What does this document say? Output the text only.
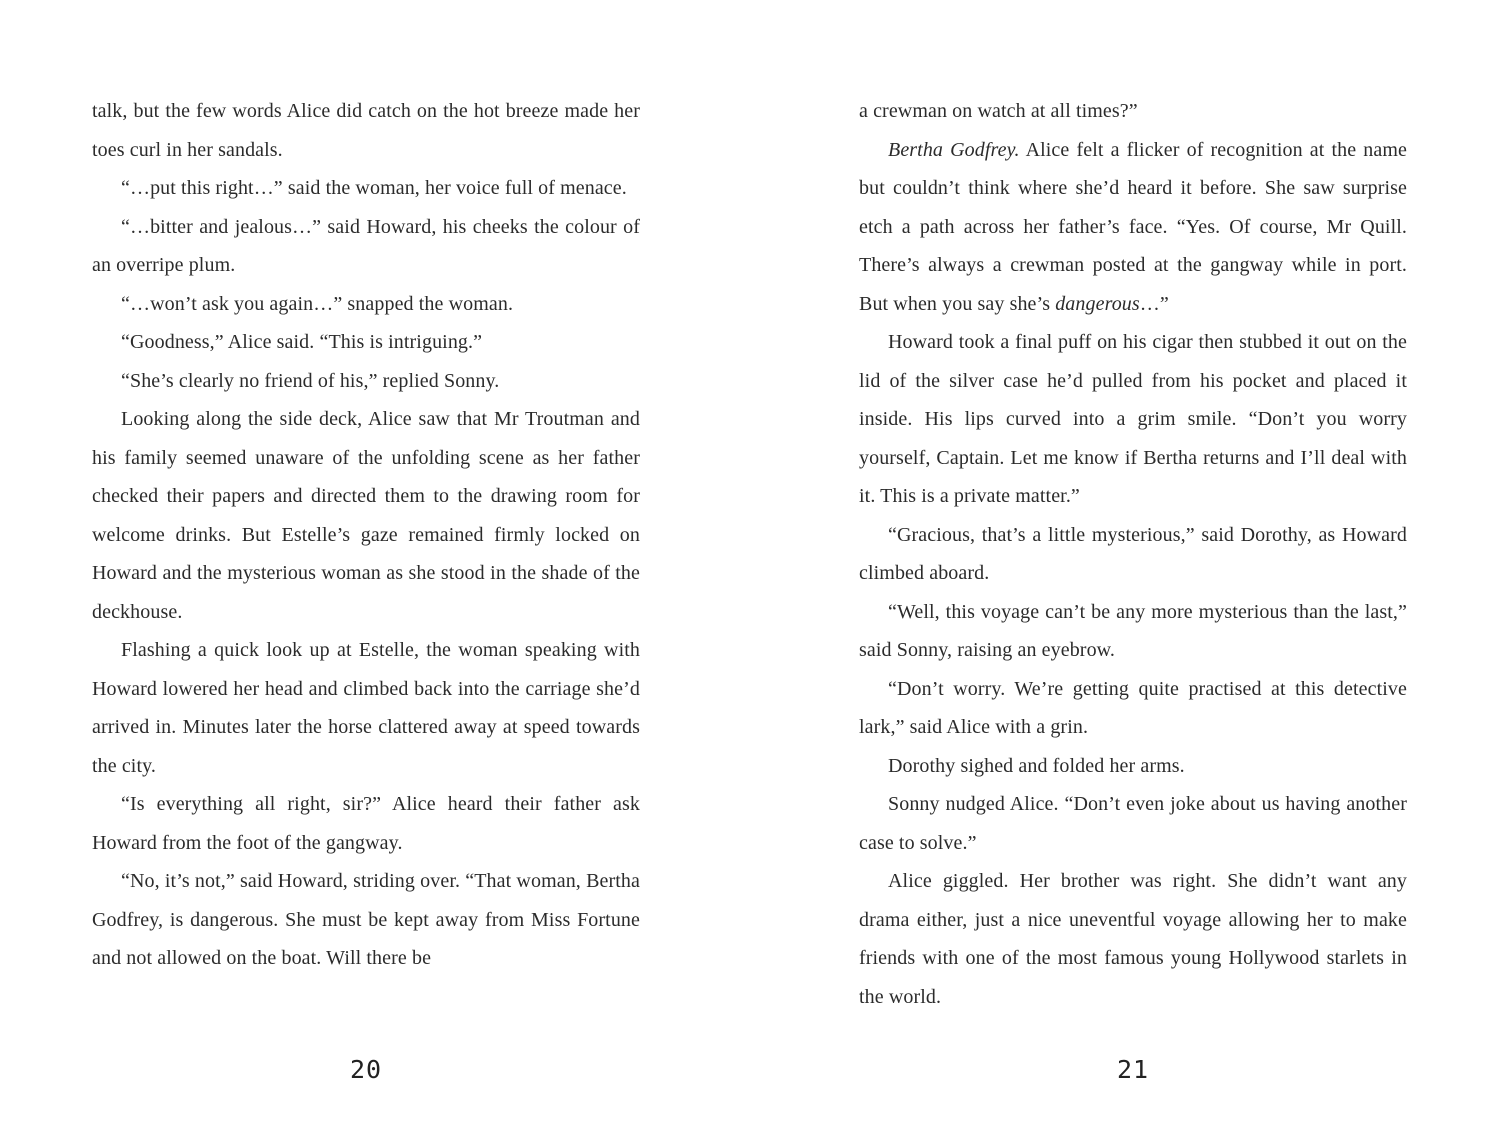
talk, but the few words Alice did catch on the hot breeze made her toes curl in her sandals.

“…put this right…” said the woman, her voice full of menace.

“…bitter and jealous…” said Howard, his cheeks the colour of an overripe plum.

“…won’t ask you again…” snapped the woman.

“Goodness,” Alice said. “This is intriguing.”

“She’s clearly no friend of his,” replied Sonny.

Looking along the side deck, Alice saw that Mr Troutman and his family seemed unaware of the unfolding scene as her father checked their papers and directed them to the drawing room for welcome drinks. But Estelle’s gaze remained firmly locked on Howard and the mysterious woman as she stood in the shade of the deckhouse.

Flashing a quick look up at Estelle, the woman speaking with Howard lowered her head and climbed back into the carriage she’d arrived in. Minutes later the horse clattered away at speed towards the city.

“Is everything all right, sir?” Alice heard their father ask Howard from the foot of the gangway.

“No, it’s not,” said Howard, striding over. “That woman, Bertha Godfrey, is dangerous. She must be kept away from Miss Fortune and not allowed on the boat. Will there be

20

a crewman on watch at all times?”

Bertha Godfrey. Alice felt a flicker of recognition at the name but couldn’t think where she’d heard it before. She saw surprise etch a path across her father’s face. “Yes. Of course, Mr Quill. There’s always a crewman posted at the gangway while in port. But when you say she’s dangerous…”

Howard took a final puff on his cigar then stubbed it out on the lid of the silver case he’d pulled from his pocket and placed it inside. His lips curved into a grim smile. “Don’t you worry yourself, Captain. Let me know if Bertha returns and I’ll deal with it. This is a private matter.”

“Gracious, that’s a little mysterious,” said Dorothy, as Howard climbed aboard.

“Well, this voyage can’t be any more mysterious than the last,” said Sonny, raising an eyebrow.

“Don’t worry. We’re getting quite practised at this detective lark,” said Alice with a grin.

Dorothy sighed and folded her arms.

Sonny nudged Alice. “Don’t even joke about us having another case to solve.”

Alice giggled. Her brother was right. She didn’t want any drama either, just a nice uneventful voyage allowing her to make friends with one of the most famous young Hollywood starlets in the world.

21
